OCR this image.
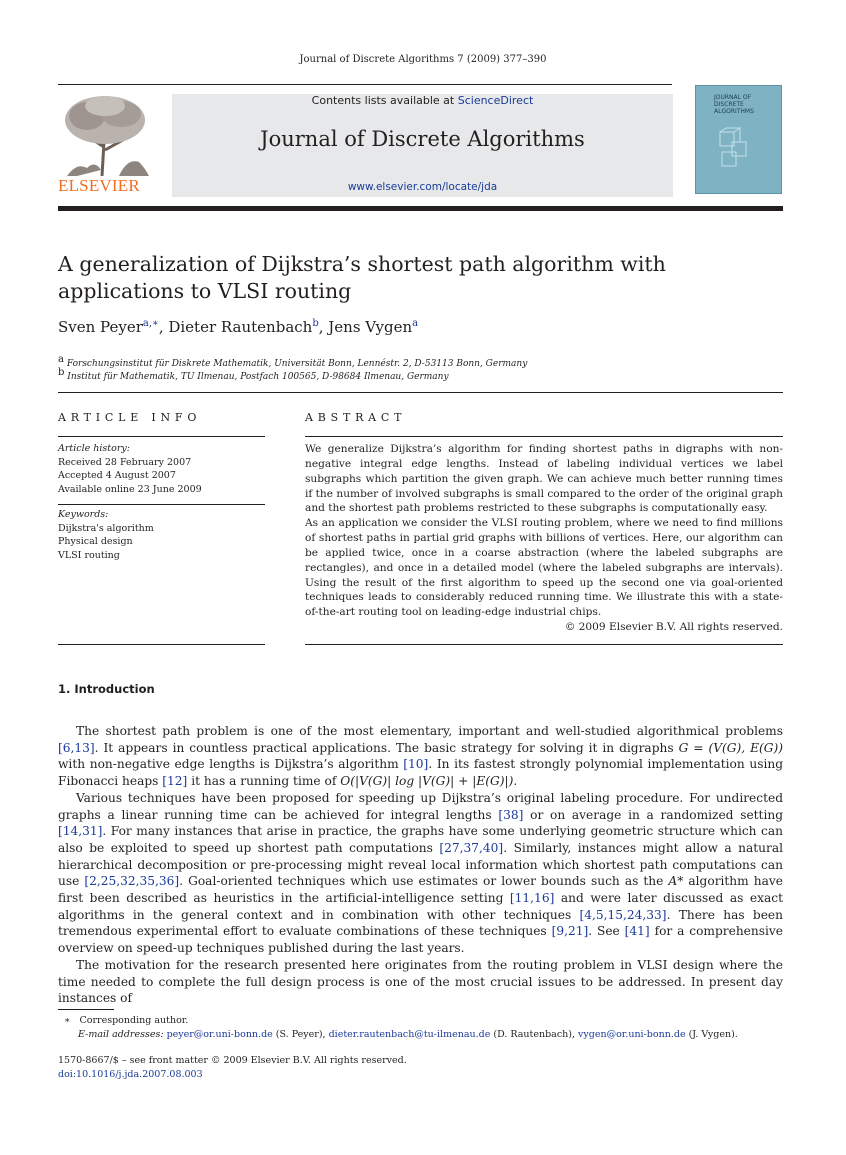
Journal of Discrete Algorithms 7 (2009) 377–390
Contents lists available at ScienceDirect
Journal of Discrete Algorithms
www.elsevier.com/locate/jda
ELSEVIER
JOURNAL OF DISCRETE ALGORITHMS
A generalization of Dijkstra’s shortest path algorithm with applications to VLSI routing
Sven Peyer$^{a,∗}$, Dieter Rautenbach$^b$, Jens Vygen$^a$
$^a$ Forschungsinstitut für Diskrete Mathematik, Universität Bonn, Lennéstr. 2, D-53113 Bonn, Germany
$^b$ Institut für Mathematik, TU Ilmenau, Postfach 100565, D-98684 Ilmenau, Germany
ARTICLE INFO	ABSTRACT
Article history:
Received 28 February 2007
Accepted 4 August 2007
Available online 23 June 2009
Keywords:
Dijkstra's algorithm
Physical design
VLSI routing

We generalize Dijkstra’s algorithm for finding shortest paths in digraphs with non-negative integral edge lengths. Instead of labeling individual vertices we label subgraphs which partition the given graph. We can achieve much better running times if the number of involved subgraphs is small compared to the order of the original graph and the shortest path problems restricted to these subgraphs is computationally easy.

As an application we consider the VLSI routing problem, where we need to find millions of shortest paths in partial grid graphs with billions of vertices. Here, our algorithm can be applied twice, once in a coarse abstraction (where the labeled subgraphs are rectangles), and once in a detailed model (where the labeled subgraphs are intervals). Using the result of the first algorithm to speed up the second one via goal-oriented techniques leads to considerably reduced running time. We illustrate this with a state-of-the-art routing tool on leading-edge industrial chips.

© 2009 Elsevier B.V. All rights reserved.

1. Introduction

The shortest path problem is one of the most elementary, important and well-studied algorithmical problems [6,13]. It appears in countless practical applications. The basic strategy for solving it in digraphs G = (V(G), E(G)) with non-negative edge lengths is Dijkstra’s algorithm [10]. In its fastest strongly polynomial implementation using Fibonacci heaps [12] it has a running time of O(|V(G)| log |V(G)| + |E(G)|).

Various techniques have been proposed for speeding up Dijkstra’s original labeling procedure. For undirected graphs a linear running time can be achieved for integral lengths [38] or on average in a randomized setting [14,31]. For many instances that arise in practice, the graphs have some underlying geometric structure which can also be exploited to speed up shortest path computations [27,37,40]. Similarly, instances might allow a natural hierarchical decomposition or pre-processing might reveal local information which shortest path computations can use [2,25,32,35,36]. Goal-oriented techniques which use estimates or lower bounds such as the A* algorithm have first been described as heuristics in the artificial-intelligence setting [11,16] and were later discussed as exact algorithms in the general context and in combination with other techniques [4,5,15,24,33]. There has been tremendous experimental effort to evaluate combinations of these techniques [9,21]. See [41] for a comprehensive overview on speed-up techniques published during the last years.

The motivation for the research presented here originates from the routing problem in VLSI design where the time needed to complete the full design process is one of the most crucial issues to be addressed. In present day instances of

∗ Corresponding author.
E-mail addresses: peyer@or.uni-bonn.de (S. Peyer), dieter.rautenbach@tu-ilmenau.de (D. Rautenbach), vygen@or.uni-bonn.de (J. Vygen).
1570-8667/$ – see front matter © 2009 Elsevier B.V. All rights reserved.
doi:10.1016/j.jda.2007.08.003
